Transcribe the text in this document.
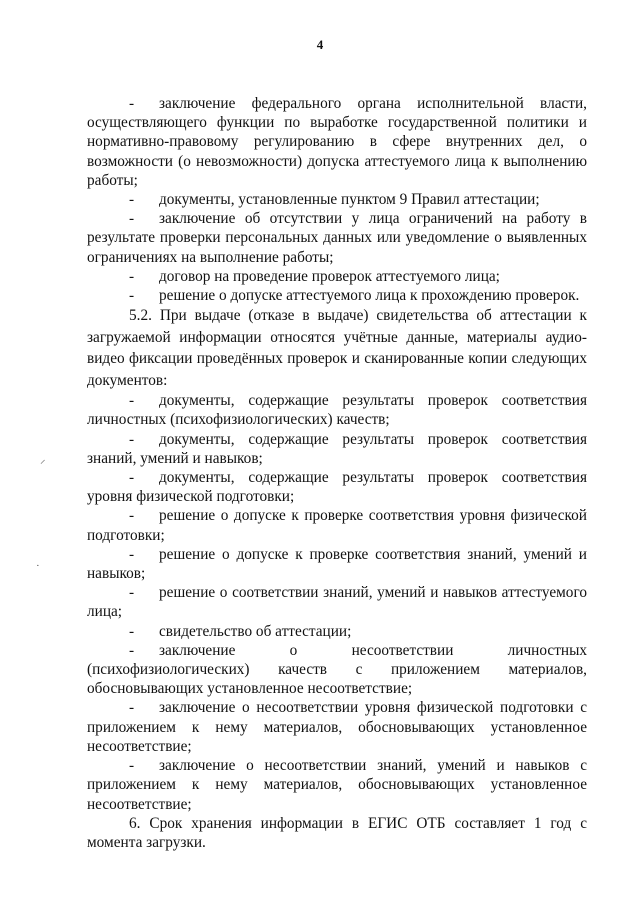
4
⸝
·

- заключение федерального органа исполнительной власти, осуществляющего функции по выработке государственной политики и нормативно-правовому регулированию в сфере внутренних дел, о возможности (о невозможности) допуска аттестуемого лица к выполнению работы;

- документы, установленные пунктом 9 Правил аттестации;

- заключение об отсутствии у лица ограничений на работу в результате проверки персональных данных или уведомление о выявленных ограничениях на выполнение работы;

- договор на проведение проверок аттестуемого лица;

- решение о допуске аттестуемого лица к прохождению проверок.

5.2. При выдаче (отказе в выдаче) свидетельства об аттестации к загружаемой информации относятся учётные данные, материалы аудио-видео фиксации проведённых проверок и сканированные копии следующих документов:

- документы, содержащие результаты проверок соответствия личностных (психофизиологических) качеств;

- документы, содержащие результаты проверок соответствия знаний, умений и навыков;

- документы, содержащие результаты проверок соответствия уровня физической подготовки;

- решение о допуске к проверке соответствия уровня физической подготовки;

- решение о допуске к проверке соответствия знаний, умений и навыков;

- решение о соответствии знаний, умений и навыков аттестуемого лица;

- свидетельство об аттестации;

- заключение о несоответствии личностных (психофизиологических) качеств с приложением материалов, обосновывающих установленное несоответствие;

- заключение о несоответствии уровня физической подготовки с приложением к нему материалов, обосновывающих установленное несоответствие;

- заключение о несоответствии знаний, умений и навыков с приложением к нему материалов, обосновывающих установленное несоответствие;

6. Срок хранения информации в ЕГИС ОТБ составляет 1 год с момента загрузки.
